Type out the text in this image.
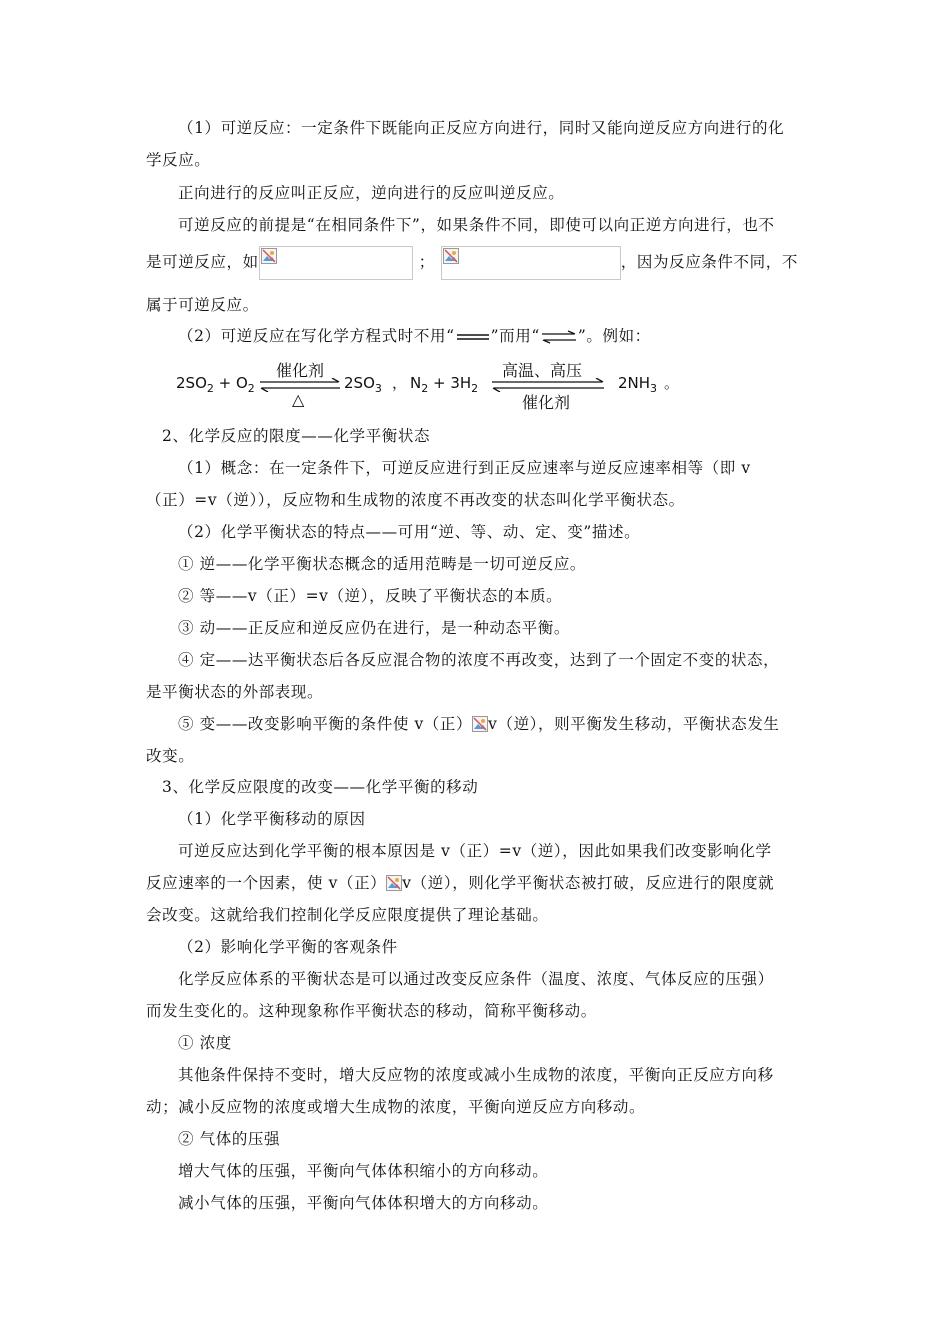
（1）可逆反应：一定条件下既能向正反应方向进行，同时又能向逆反应方向进行的化
学反应。
正向进行的反应叫正反应，逆向进行的反应叫逆反应。
可逆反应的前提是“在相同条件下”，如果条件不同，即使可以向正逆方向进行，也不
是可逆反应，如	；	，因为反应条件不同，不
属于可逆反应。
（2）可逆反应在写化学方程式时不用“ ”而用“⇌”。例如：
$2SO_2 + O_2$
催化剂
△
$2SO_3$ ， $N_2 + 3H_2$
高温、高压
催化剂
$2NH_3$ 。
2、化学反应的限度——化学平衡状态
（1）概念：在一定条件下，可逆反应进行到正反应速率与逆反应速率相等（即 v
（正）=v（逆）），反应物和生成物的浓度不再改变的状态叫化学平衡状态。
（2）化学平衡状态的特点——可用“逆、等、动、定、变”描述。
① 逆——化学平衡状态概念的适用范畴是一切可逆反应。
② 等——v（正）=v（逆），反映了平衡状态的本质。
③ 动——正反应和逆反应仍在进行，是一种动态平衡。
④ 定——达平衡状态后各反应混合物的浓度不再改变，达到了一个固定不变的状态，
是平衡状态的外部表现。
⑤ 变——改变影响平衡的条件使 v（正） v（逆），则平衡发生移动，平衡状态发生
改变。
3、化学反应限度的改变——化学平衡的移动
（1）化学平衡移动的原因
可逆反应达到化学平衡的根本原因是 v（正）=v（逆），因此如果我们改变影响化学
反应速率的一个因素，使 v（正） v（逆），则化学平衡状态被打破，反应进行的限度就
会改变。这就给我们控制化学反应限度提供了理论基础。
（2）影响化学平衡的客观条件
化学反应体系的平衡状态是可以通过改变反应条件（温度、浓度、气体反应的压强）
而发生变化的。这种现象称作平衡状态的移动，简称平衡移动。
① 浓度
其他条件保持不变时，增大反应物的浓度或减小生成物的浓度，平衡向正反应方向移
动；减小反应物的浓度或增大生成物的浓度，平衡向逆反应方向移动。
② 气体的压强
增大气体的压强，平衡向气体体积缩小的方向移动。
减小气体的压强，平衡向气体体积增大的方向移动。
